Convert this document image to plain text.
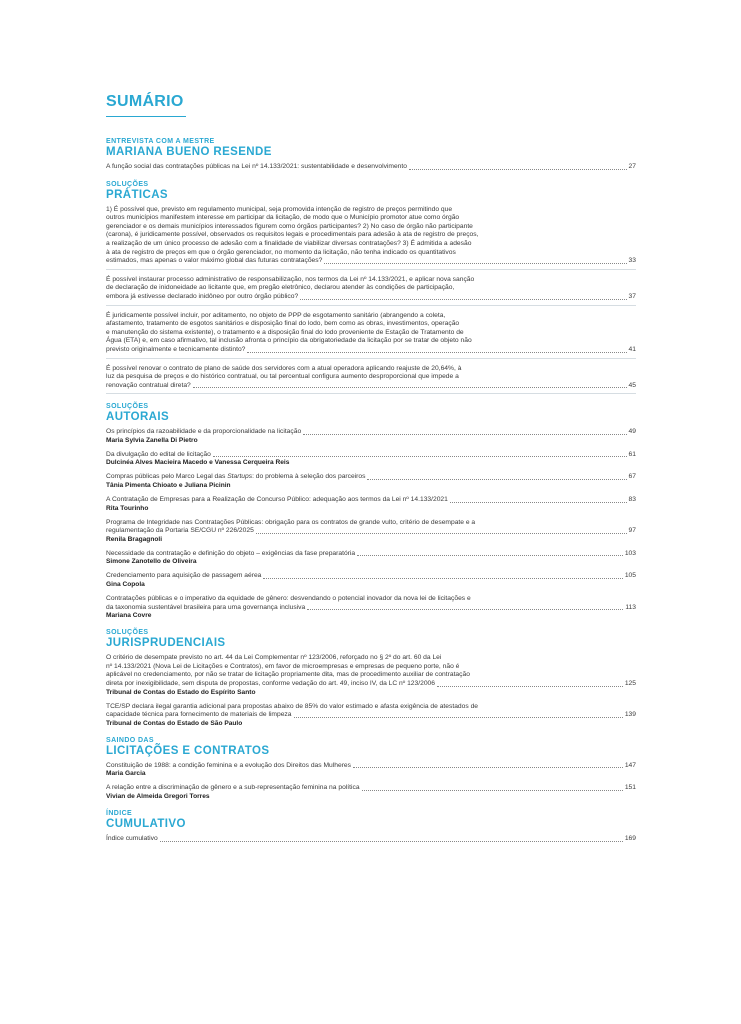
SUMÁRIO
ENTREVISTA COM A MESTRE
MARIANA BUENO RESENDE
A função social das contratações públicas na Lei nº 14.133/2021: sustentabilidade e desenvolvimento	27
SOLUÇÕES
PRÁTICAS
1) É possível que, previsto em regulamento municipal, seja promovida intenção de registro de preços permitindo que
outros municípios manifestem interesse em participar da licitação, de modo que o Município promotor atue como órgão
gerenciador e os demais municípios interessados figurem como órgãos participantes? 2) No caso de órgão não participante
(carona), é juridicamente possível, observados os requisitos legais e procedimentais para adesão à ata de registro de preços,
a realização de um único processo de adesão com a finalidade de viabilizar diversas contratações? 3) É admitida a adesão
à ata de registro de preços em que o órgão gerenciador, no momento da licitação, não tenha indicado os quantitativos
estimados, mas apenas o valor máximo global das futuras contratações?	33
É possível instaurar processo administrativo de responsabilização, nos termos da Lei nº 14.133/2021, e aplicar nova sanção
de declaração de inidoneidade ao licitante que, em pregão eletrônico, declarou atender às condições de participação,
embora já estivesse declarado inidôneo por outro órgão público?	37
É juridicamente possível incluir, por aditamento, no objeto de PPP de esgotamento sanitário (abrangendo a coleta,
afastamento, tratamento de esgotos sanitários e disposição final do lodo, bem como as obras, investimentos, operação
e manutenção do sistema existente), o tratamento e a disposição final do lodo proveniente de Estação de Tratamento de
Água (ETA) e, em caso afirmativo, tal inclusão afronta o princípio da obrigatoriedade da licitação por se tratar de objeto não
previsto originalmente e tecnicamente distinto?	41
É possível renovar o contrato de plano de saúde dos servidores com a atual operadora aplicando reajuste de 20,64%, à
luz da pesquisa de preços e do histórico contratual, ou tal percentual configura aumento desproporcional que impede a
renovação contratual direta?	45
SOLUÇÕES
AUTORAIS
Os princípios da razoabilidade e da proporcionalidade na licitação	49
Maria Sylvia Zanella Di Pietro
Da divulgação do edital de licitação	61
Dulcinéa Alves Macieira Macedo e Vanessa Cerqueira Reis
Compras públicas pelo Marco Legal das Startups: do problema à seleção dos parceiros	67
Tânia Pimenta Chioato e Juliana Picinin
A Contratação de Empresas para a Realização de Concurso Público: adequação aos termos da Lei nº 14.133/2021	83
Rita Tourinho
Programa de Integridade nas Contratações Públicas: obrigação para os contratos de grande vulto, critério de desempate e a
regulamentação da Portaria SE/CGU nº 226/2025	97
Renila Bragagnoli
Necessidade da contratação e definição do objeto – exigências da fase preparatória	103
Simone Zanotello de Oliveira
Credenciamento para aquisição de passagem aérea	105
Gina Copola
Contratações públicas e o imperativo da equidade de gênero: desvendando o potencial inovador da nova lei de licitações e
da taxonomia sustentável brasileira para uma governança inclusiva	113
Mariana Covre
SOLUÇÕES
JURISPRUDENCIAIS
O critério de desempate previsto no art. 44 da Lei Complementar nº 123/2006, reforçado no § 2º do art. 60 da Lei
nº 14.133/2021 (Nova Lei de Licitações e Contratos), em favor de microempresas e empresas de pequeno porte, não é
aplicável no credenciamento, por não se tratar de licitação propriamente dita, mas de procedimento auxiliar de contratação
direta por inexigibilidade, sem disputa de propostas, conforme vedação do art. 49, inciso IV, da LC nº 123/2006	125
Tribunal de Contas do Estado do Espírito Santo
TCE/SP declara ilegal garantia adicional para propostas abaixo de 85% do valor estimado e afasta exigência de atestados de
capacidade técnica para fornecimento de materiais de limpeza	139
Tribunal de Contas do Estado de São Paulo
SAINDO DAS
LICITAÇÕES E CONTRATOS
Constituição de 1988: a condição feminina e a evolução dos Direitos das Mulheres	147
Maria Garcia
A relação entre a discriminação de gênero e a sub-representação feminina na política	151
Vivian de Almeida Gregori Torres
ÍNDICE
CUMULATIVO
Índice cumulativo	169
